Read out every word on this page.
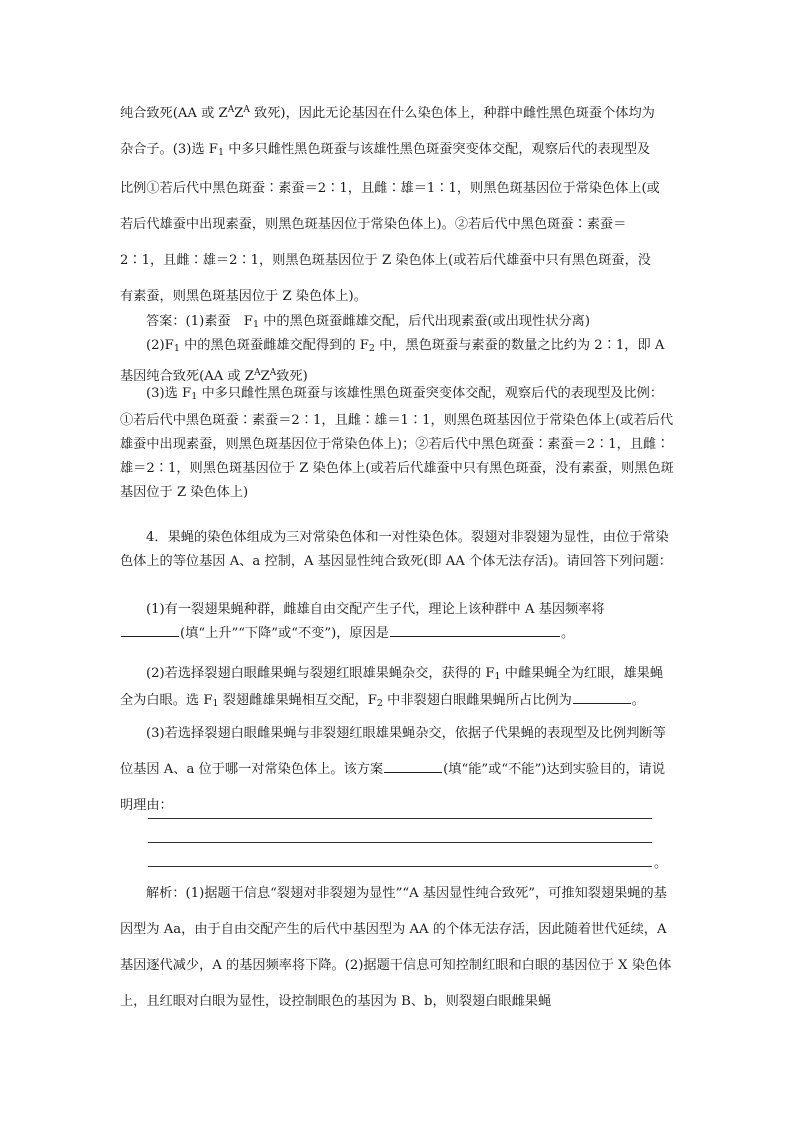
纯合致死(AA 或 $Z^AZ^A$ 致死)，因此无论基因在什么染色体上，种群中雌性黑色斑蚕个体均为
杂合子。(3)选 $F_1$ 中多只雌性黑色斑蚕与该雄性黑色斑蚕突变体交配，观察后代的表现型及
比例①若后代中黑色斑蚕∶素蚕＝2∶1，且雌∶雄＝1∶1，则黑色斑基因位于常染色体上(或
若后代雄蚕中出现素蚕，则黑色斑基因位于常染色体上)。②若后代中黑色斑蚕∶素蚕＝
2∶1，且雌∶雄＝2∶1，则黑色斑基因位于 Z 染色体上(或若后代雄蚕中只有黑色斑蚕，没
有素蚕，则黑色斑基因位于 Z 染色体上)。

答案：(1)素蚕　$F_1$ 中的黑色斑蚕雌雄交配，后代出现素蚕(或出现性状分离)

$(2)F_1$ 中的黑色斑蚕雌雄交配得到的 $F_2$ 中，黑色斑蚕与素蚕的数量之比约为 2∶1，即 A 基因纯合致死(AA 或 $Z^AZ^A$致死)

(3)选 $F_1$ 中多只雌性黑色斑蚕与该雄性黑色斑蚕突变体交配，观察后代的表现型及比例：①若后代中黑色斑蚕∶素蚕＝2∶1，且雌∶雄＝1∶1，则黑色斑基因位于常染色体上(或若后代雄蚕中出现素蚕，则黑色斑基因位于常染色体上)；②若后代中黑色斑蚕∶素蚕＝2∶1，且雌∶雄＝2∶1，则黑色斑基因位于 Z 染色体上(或若后代雄蚕中只有黑色斑蚕，没有素蚕，则黑色斑基因位于 Z 染色体上)

4．果蝇的染色体组成为三对常染色体和一对性染色体。裂翅对非裂翅为显性，由位于常染色体上的等位基因 A、a 控制，A 基因显性纯合致死(即 AA 个体无法存活)。请回答下列问题：

(1)有一裂翅果蝇种群，雌雄自由交配产生子代，理论上该种群中 A 基因频率将
(填“上升”“下降”或“不变”)，原因是	。

(2)若选择裂翅白眼雌果蝇与裂翅红眼雄果蝇杂交，获得的 $F_1$ 中雌果蝇全为红眼，雄果蝇全为白眼。选 $F_1$ 裂翅雌雄果蝇相互交配，$F_2$ 中非裂翅白眼雌果蝇所占比例为	。

(3)若选择裂翅白眼雌果蝇与非裂翅红眼雄果蝇杂交，依据子代果蝇的表现型及比例判断等位基因 A、a 位于哪一对常染色体上。该方案	(填“能”或“不能”)达到实验目的，请说明理由：

。

解析：(1)据题干信息“裂翅对非裂翅为显性”“A 基因显性纯合致死”，可推知裂翅果蝇的基因型为 Aa，由于自由交配产生的后代中基因型为 AA 的个体无法存活，因此随着世代延续，A 基因逐代减少，A 的基因频率将下降。(2)据题干信息可知控制红眼和白眼的基因位于 X 染色体上，且红眼对白眼为显性，设控制眼色的基因为 B、b，则裂翅白眼雌果蝇
